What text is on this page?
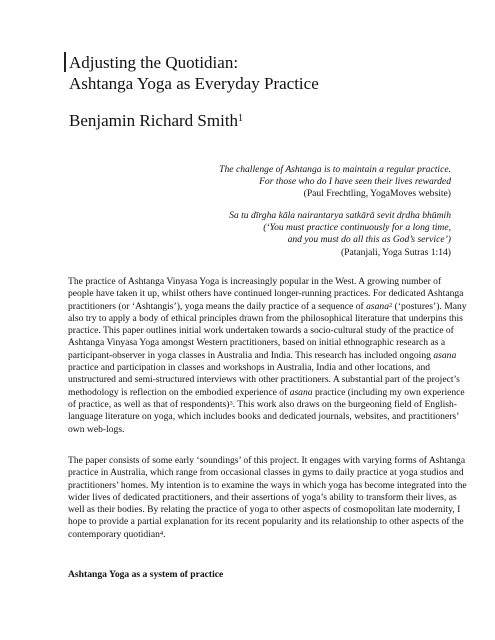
Adjusting the Quotidian:

Ashtanga Yoga as Everyday Practice

Benjamin Richard Smith$^1$
The challenge of Ashtanga is to maintain a regular practice.
For those who do I have seen their lives rewarded
(Paul Frechtling, YogaMoves website)
Sa tu dīrgha kāla nairantarya satkārā sevit dṛdha bhūmih
(‘You must practice continuously for a long time,
and you must do all this as God’s service’)
(Patanjali, Yoga Sutras 1:14)

The practice of Ashtanga Vinyasa Yoga is increasingly popular in the West. A growing number of people have taken it up, whilst others have continued longer-running practices. For dedicated Ashtanga practitioners (or ‘Ashtangis’), yoga means the daily practice of a sequence of asana$^2$ (‘postures’). Many also try to apply a body of ethical principles drawn from the philosophical literature that underpins this practice. This paper outlines initial work undertaken towards a socio-cultural study of the practice of Ashtanga Vinyasa Yoga amongst Western practitioners, based on initial ethnographic research as a participant-observer in yoga classes in Australia and India. This research has included ongoing asana practice and participation in classes and workshops in Australia, India and other locations, and unstructured and semi-structured interviews with other practitioners. A substantial part of the project’s methodology is reflection on the embodied experience of asana practice (including my own experience of practice, as well as that of respondents)$^3$. This work also draws on the burgeoning field of English-language literature on yoga, which includes books and dedicated journals, websites, and practitioners’ own web-logs.

The paper consists of some early ‘soundings’ of this project. It engages with varying forms of Ashtanga practice in Australia, which range from occasional classes in gyms to daily practice at yoga studios and practitioners’ homes. My intention is to examine the ways in which yoga has become integrated into the wider lives of dedicated practitioners, and their assertions of yoga’s ability to transform their lives, as well as their bodies. By relating the practice of yoga to other aspects of cosmopolitan late modernity, I hope to provide a partial explanation for its recent popularity and its relationship to other aspects of the contemporary quotidian$^4$.

Ashtanga Yoga as a system of practice
